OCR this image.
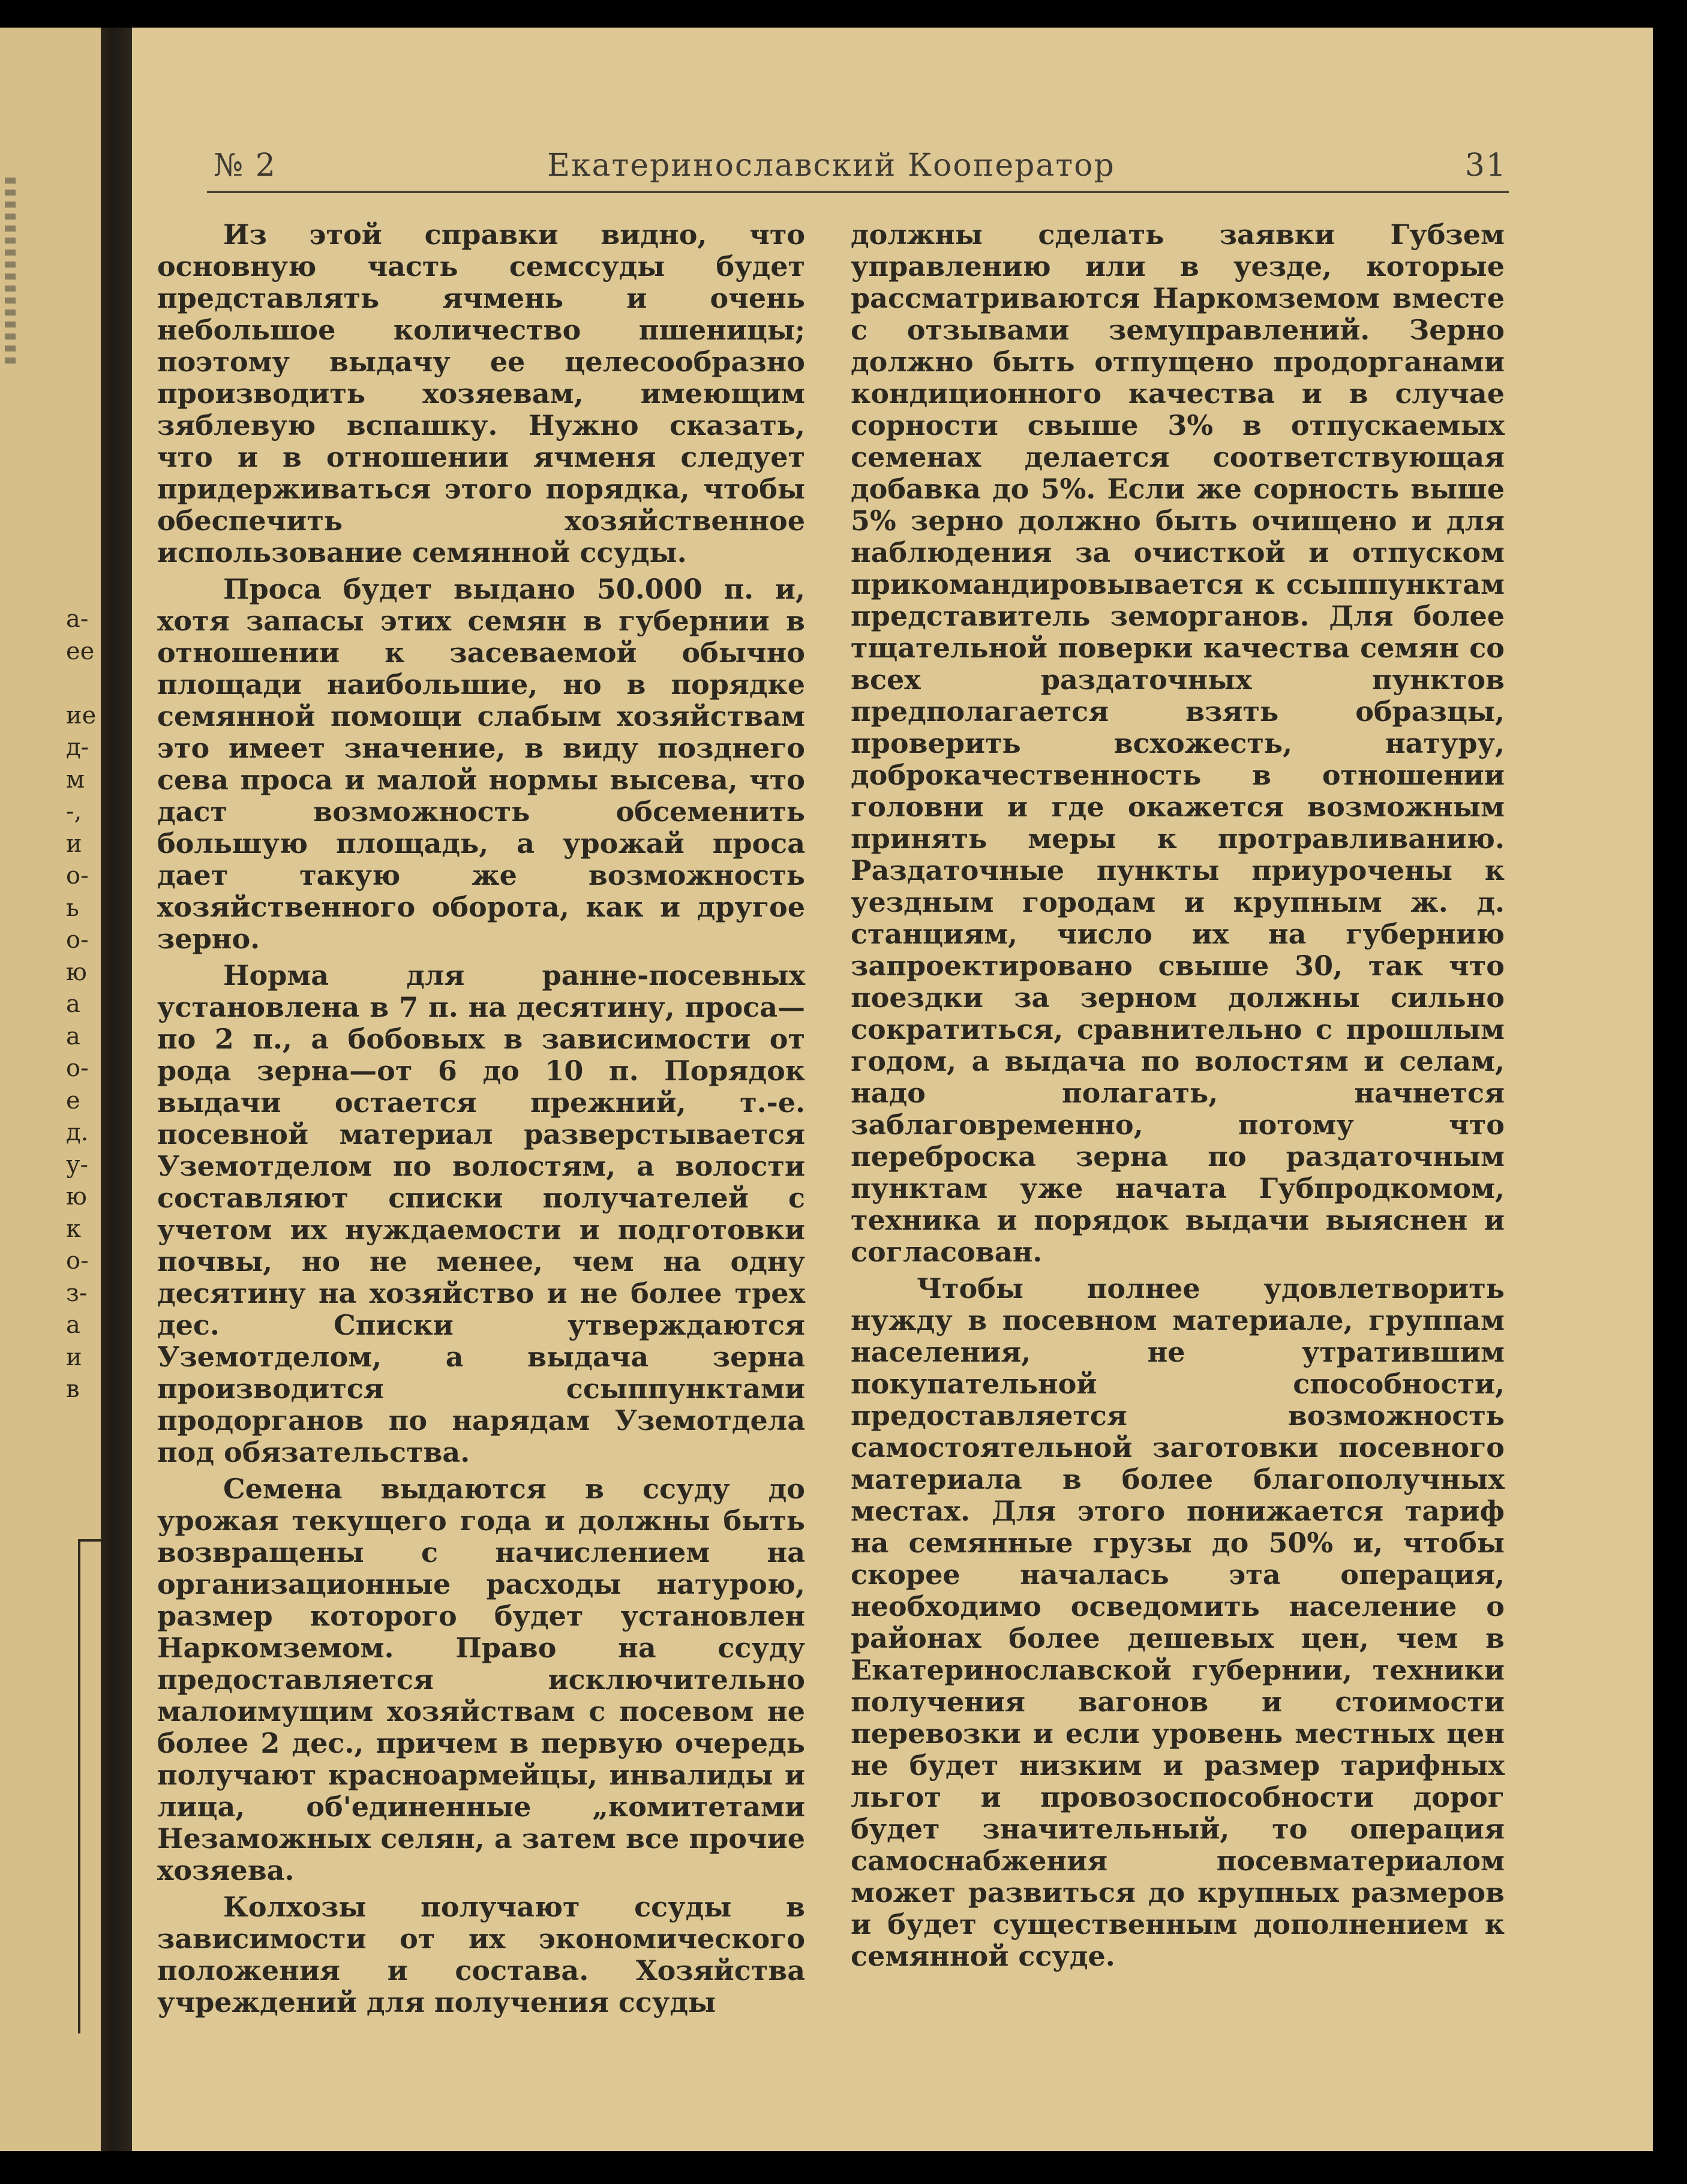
а-
ее

ие
д-
м
-,
и
о-
ь
о-
ю
а
а
о-
е
д.
у-
ю
к
о-
з-
а
и
в
№ 2	Екатеринославский Кооператор	31

Из этой справки видно, что основную часть семссуды будет представлять ячмень и очень небольшое количество пшеницы; поэтому выдачу ее целесообразно производить хозяевам, имеющим зяблевую вспашку. Нужно сказать, что и в отношении ячменя следует придерживаться этого порядка, чтобы обеспечить хозяйственное использование семянной ссуды.

Проса будет выдано 50.000 п. и, хотя запасы этих семян в губернии в отношении к засеваемой обычно площади наибольшие, но в порядке семянной помощи слабым хозяйствам это имеет значение, в виду позднего сева проса и малой нормы высева, что даст возможность обсеменить большую площадь, а урожай проса дает такую же возможность хозяйственного оборота, как и другое зерно.

Норма для ранне-посевных установлена в 7 п. на десятину, проса— по 2 п., а бобовых в зависимости от рода зерна—от 6 до 10 п. Порядок выдачи остается прежний, т.-е. посевной материал разверстывается Уземотделом по волостям, а волости составляют списки получателей с учетом их нуждаемости и подготовки почвы, но не менее, чем на одну десятину на хозяйство и не более трех дес. Списки утверждаются Уземотделом, а выдача зерна производится ссыппунктами продорганов по нарядам Уземотдела под обязательства.

Семена выдаются в ссуду до урожая текущего года и должны быть возвращены с начислением на организационные расходы натурою, размер которого будет установлен Наркомземом. Право на ссуду предоставляется исключительно малоимущим хозяйствам с посевом не более 2 дес., причем в первую очередь получают красноармейцы, инвалиды и лица, об'единенные „комитетами Незаможных селян, а затем все прочие хозяева.

Колхозы получают ссуды в зависимости от их экономического положения и состава. Хозяйства учреждений для получения ссуды

должны сделать заявки Губзем управлению или в уезде, которые рассматриваются Наркомземом вместе с отзывами земуправлений. Зерно должно быть отпущено продорганами кондиционного качества и в случае сорности свыше 3% в отпускаемых семенах делается соответствующая добавка до 5%. Если же сорность выше 5% зерно должно быть очищено и для наблюдения за очисткой и отпуском прикомандировывается к ссыппунктам представитель земорганов. Для более тщательной поверки качества семян со всех раздаточных пунктов предполагается взять образцы, проверить всхожесть, натуру, доброкачественность в отношении головни и где окажется возможным принять меры к протравливанию. Раздаточные пункты приурочены к уездным городам и крупным ж. д. станциям, число их на губернию запроектировано свыше 30, так что поездки за зерном должны сильно сократиться, сравнительно с прошлым годом, а выдача по волостям и селам, надо полагать, начнется заблаговременно, потому что переброска зерна по раздаточным пунктам уже начата Губпродкомом, техника и порядок выдачи выяснен и согласован.

Чтобы полнее удовлетворить нужду в посевном материале, группам населения, не утратившим покупательной способности, предоставляется возможность самостоятельной заготовки посевного материала в более благополучных местах. Для этого понижается тариф на семянные грузы до 50% и, чтобы скорее началась эта операция, необходимо осведомить население о районах более дешевых цен, чем в Екатеринославской губернии, техники получения вагонов и стоимости перевозки и если уровень местных цен не будет низким и размер тарифных льгот и провозоспособности дорог будет значительный, то операция самоснабжения посевматериалом может развиться до крупных размеров и будет существенным дополнением к семянной ссуде.
